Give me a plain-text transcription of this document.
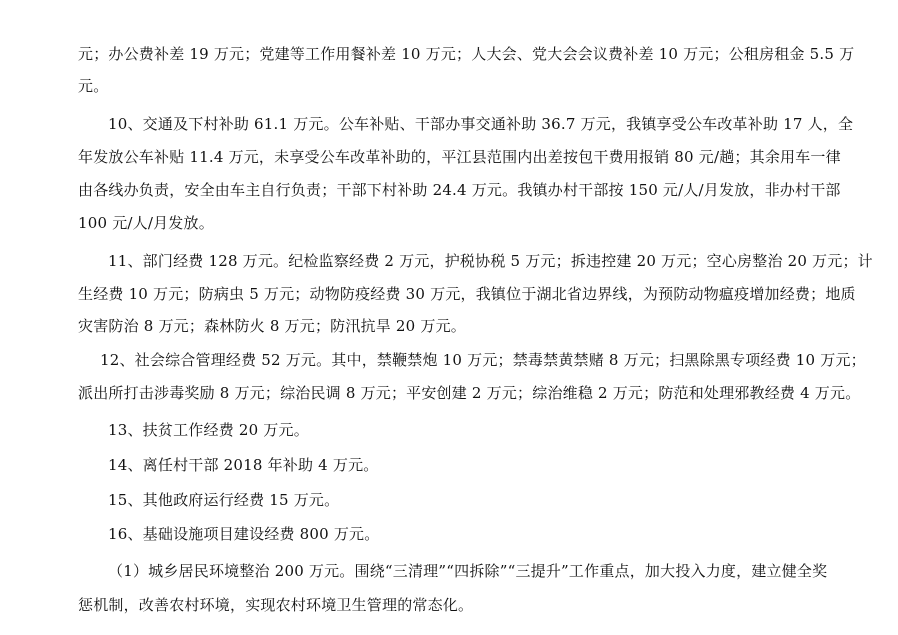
元；办公费补差 19 万元；党建等工作用餐补差 10 万元；人大会、党大会会议费补差 10 万元；公租房租金 5.5 万
元。
10、交通及下村补助 61.1 万元。公车补贴、干部办事交通补助 36.7 万元，我镇享受公车改革补助 17 人，全
年发放公车补贴 11.4 万元，未享受公车改革补助的，平江县范围内出差按包干费用报销 80 元/趟；其余用车一律
由各线办负责，安全由车主自行负责；干部下村补助 24.4 万元。我镇办村干部按 150 元/人/月发放，非办村干部
100 元/人/月发放。
11、部门经费 128 万元。纪检监察经费 2 万元，护税协税 5 万元；拆违控建 20 万元；空心房整治 20 万元；计
生经费 10 万元；防病虫 5 万元；动物防疫经费 30 万元，我镇位于湖北省边界线，为预防动物瘟疫增加经费；地质
灾害防治 8 万元；森林防火 8 万元；防汛抗旱 20 万元。
12、社会综合管理经费 52 万元。其中，禁鞭禁炮 10 万元；禁毒禁黄禁赌 8 万元；扫黑除黑专项经费 10 万元；
派出所打击涉毒奖励 8 万元；综治民调 8 万元；平安创建 2 万元；综治维稳 2 万元；防范和处理邪教经费 4 万元。
13、扶贫工作经费 20 万元。
14、离任村干部 2018 年补助 4 万元。
15、其他政府运行经费 15 万元。
16、基础设施项目建设经费 800 万元。
（1）城乡居民环境整治 200 万元。围绕“三清理”“四拆除”“三提升”工作重点，加大投入力度，建立健全奖
惩机制，改善农村环境，实现农村环境卫生管理的常态化。
